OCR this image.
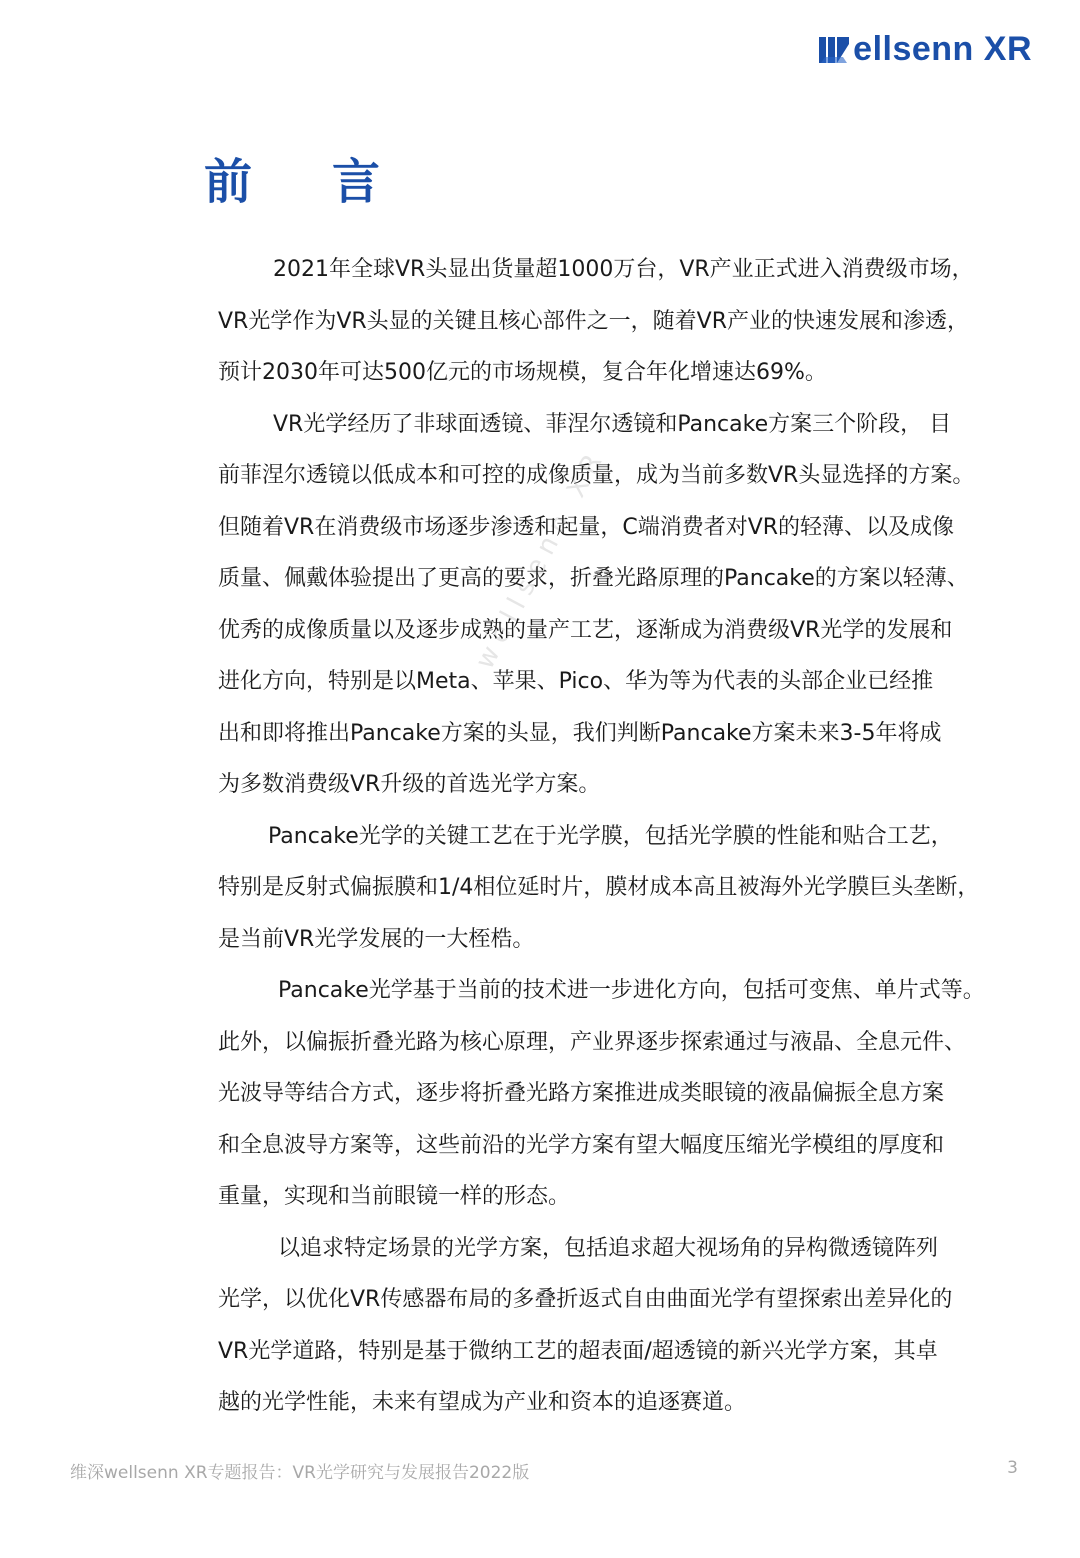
ellsenn XR
前言
wellsenn XR
2021年全球VR头显出货量超1000万台，VR产业正式进入消费级市场，
VR光学作为VR头显的关键且核心部件之一，随着VR产业的快速发展和渗透，
预计2030年可达500亿元的市场规模，复合年化增速达69%。
VR光学经历了非球面透镜、菲涅尔透镜和Pancake方案三个阶段， 目
前菲涅尔透镜以低成本和可控的成像质量，成为当前多数VR头显选择的方案。
但随着VR在消费级市场逐步渗透和起量，C端消费者对VR的轻薄、以及成像
质量、佩戴体验提出了更高的要求，折叠光路原理的Pancake的方案以轻薄、
优秀的成像质量以及逐步成熟的量产工艺，逐渐成为消费级VR光学的发展和
进化方向，特别是以Meta、苹果、Pico、华为等为代表的头部企业已经推
出和即将推出Pancake方案的头显，我们判断Pancake方案未来3-5年将成
为多数消费级VR升级的首选光学方案。
Pancake光学的关键工艺在于光学膜，包括光学膜的性能和贴合工艺，
特别是反射式偏振膜和1/4相位延时片，膜材成本高且被海外光学膜巨头垄断，
是当前VR光学发展的一大桎梏。
Pancake光学基于当前的技术进一步进化方向，包括可变焦、单片式等。
此外，以偏振折叠光路为核心原理，产业界逐步探索通过与液晶、全息元件、
光波导等结合方式，逐步将折叠光路方案推进成类眼镜的液晶偏振全息方案
和全息波导方案等，这些前沿的光学方案有望大幅度压缩光学模组的厚度和
重量，实现和当前眼镜一样的形态。
以追求特定场景的光学方案，包括追求超大视场角的异构微透镜阵列
光学，以优化VR传感器布局的多叠折返式自由曲面光学有望探索出差异化的
VR光学道路，特别是基于微纳工艺的超表面/超透镜的新兴光学方案，其卓
越的光学性能，未来有望成为产业和资本的追逐赛道。
维深wellsenn XR专题报告：VR光学研究与发展报告2022版	3
